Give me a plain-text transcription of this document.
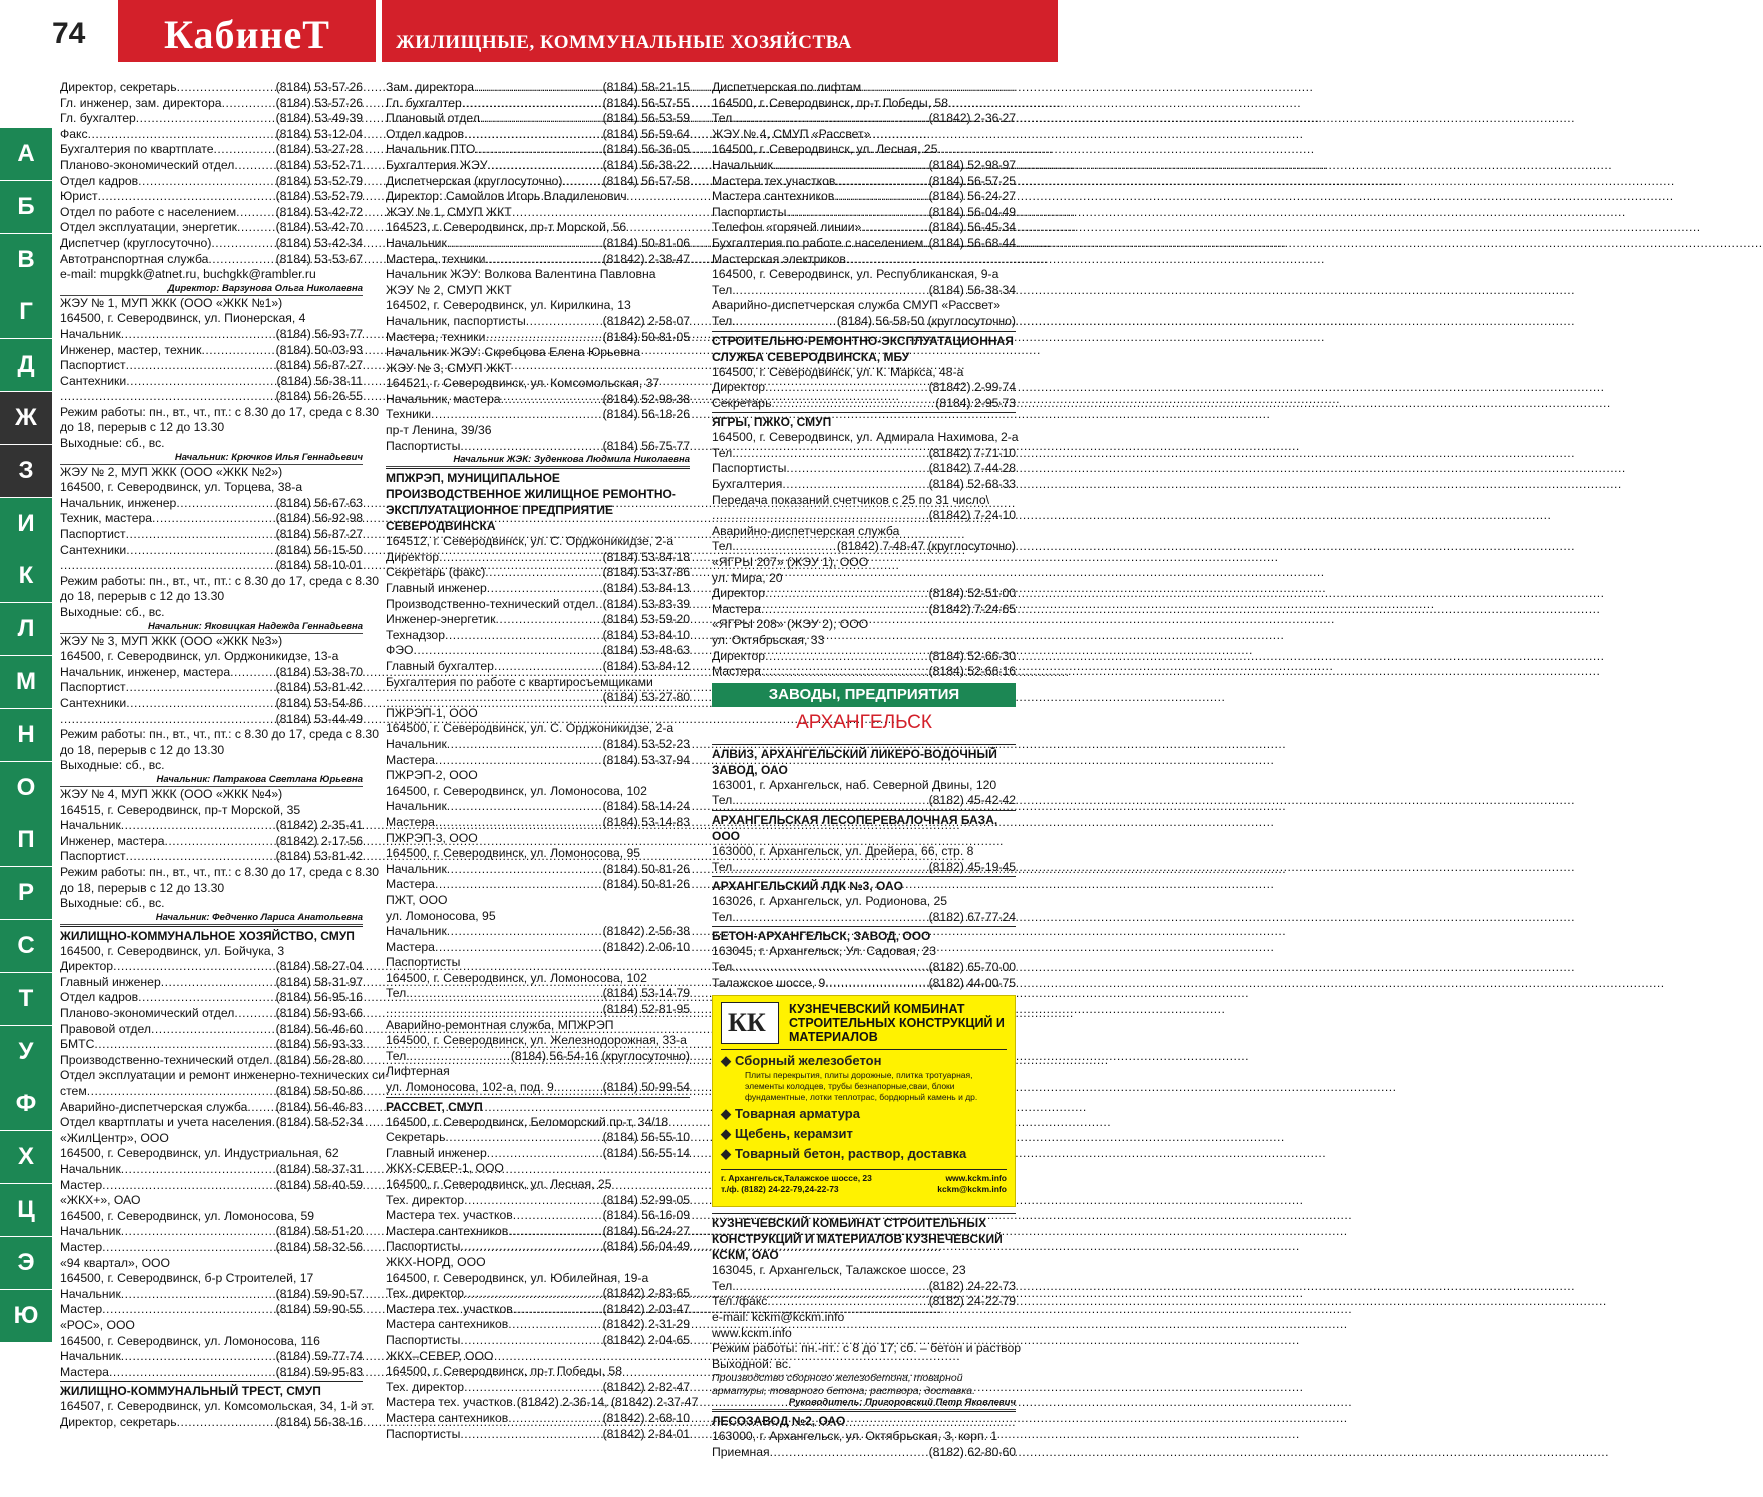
74	КабинеТ	ЖИЛИЩНЫЕ, КОММУНАЛЬНЫЕ ХОЗЯЙСТВА
А
Б
В
Г
Д
Ж
З
И
К
Л
М
Н
О
П
Р
С
Т
У
Ф
Х
Ц
Э
Ю
Директор, секретарь .....	(8184) 53-57-26
Гл. инженер, зам. директора .....	(8184) 53-57-26
Гл. бухгалтер .....	(8184) 53-49-39
Факс .....	(8184) 53-12-04
Бухгалтерия по квартплате .....	(8184) 53-27-28
Планово-экономический отдел .....	(8184) 53-52-71
Отдел кадров .....	(8184) 53-52-79
Юрист .....	(8184) 53-52-79
Отдел по работе с населением .....	(8184) 53-42-72
Отдел эксплуатации, энергетик .....	(8184) 53-42-70
Диспетчер (круглосуточно) .....	(8184) 53-42-34
Автотранспортная служба .....	(8184) 53-53-67
e-mail: mupgkk@atnet.ru, buchgkk@rambler.ru
Директор: Варзунова Ольга Николаевна
ЖЭУ № 1, МУП ЖКК (ООО «ЖКК №1»)
164500, г. Северодвинск, ул. Пионерская, 4
Начальник .....	(8184) 56-93-77
Инженер, мастер, техник .....	(8184) 50-03-93
Паспортист .....	(8184) 56-87-27
Сантехники .....	(8184) 56-38-11
.....
(8184) 56-26-55
Режим работы: пн., вт., чт., пт.: с 8.30 до 17, среда с 8.30
до 18, перерыв с 12 до 13.30
Выходные: сб., вс.
Начальник: Крючков Илья Геннадьевич
ЖЭУ № 2, МУП ЖКК (ООО «ЖКК №2»)
164500, г. Северодвинск, ул. Торцева, 38-а
Начальник, инженер .....	(8184) 56-67-63
Техник, мастера .....	(8184) 56-92-98
Паспортист .....	(8184) 56-87-27
Сантехники .....	(8184) 56-15-50
.....
(8184) 58-10-01
Режим работы: пн., вт., чт., пт.: с 8.30 до 17, среда с 8.30
до 18, перерыв с 12 до 13.30
Выходные: сб., вс.
Начальник: Яковицкая Надежда Геннадьевна
ЖЭУ № 3, МУП ЖКК (ООО «ЖКК №3»)
164500, г. Северодвинск, ул. Орджоникидзе, 13-а
Начальник, инженер, мастера .....	(8184) 53-38-70
Паспортист .....	(8184) 53-81-42
Сантехники .....	(8184) 53-54-86
.....
(8184) 53-44-49
Режим работы: пн., вт., чт., пт.: с 8.30 до 17, среда с 8.30
до 18, перерыв с 12 до 13.30
Выходные: сб., вс.
Начальник: Патракова Светлана Юрьевна
ЖЭУ № 4, МУП ЖКК (ООО «ЖКК №4»)
164515, г. Северодвинск, пр-т Морской, 35
Начальник .....	(81842) 2-35-41
Инженер, мастера .....	(81842) 2-17-56
Паспортист .....	(8184) 53-81-42
Режим работы: пн., вт., чт., пт.: с 8.30 до 17, среда с 8.30
до 18, перерыв с 12 до 13.30
Выходные: сб., вс.
Начальник: Федченко Лариса Анатольевна
ЖИЛИЩНО-КОММУНАЛЬНОЕ ХОЗЯЙСТВО, СМУП
164500, г. Северодвинск, ул. Бойчука, 3
Директор .....	(8184) 58-27-04
Главный инженер .....	(8184) 58-31-97
Отдел кадров .....	(8184) 56-95-16
Планово-экономический отдел .....	(8184) 56-93-66
Правовой отдел .....	(8184) 56-46-60
БМТС .....	(8184) 56-93-33
Производственно-технический отдел ..... (8184) 56-28-80
Отдел эксплуатации и ремонт инженерно-технических си-
стем .....	(8184) 58-50-86
Аварийно-диспетчерская служба ..... (8184) 56-46-83
Отдел квартплаты и учета населения ..... (8184) 58-52-34
«ЖилЦентр», ООО
164500, г. Северодвинск, ул. Индустриальная, 62
Начальник .....	(8184) 58-37-31
Мастер .....	(8184) 58-40-59
«ЖКХ+», ОАО
164500, г. Северодвинск, ул. Ломоносова, 59
Начальник .....	(8184) 58-51-20
Мастер .....	(8184) 58-32-56
«94 квартал», ООО
164500, г. Северодвинск, б-р Строителей, 17
Начальник .....	(8184) 59-90-57
Мастер .....	(8184) 59-90-55
«РОС», ООО
164500, г. Северодвинск, ул. Ломоносова, 116
Начальник .....	(8184) 59-77-74
Мастера .....	(8184) 59-95-83
ЖИЛИЩНО-КОММУНАЛЬНЫЙ ТРЕСТ, СМУП
164507, г. Северодвинск, ул. Комсомольская, 34, 1-й эт.
Директор, секретарь .....	(8184) 56-38-16
Зам. директора .....	(8184) 58-21-15
Гл. бухгалтер .....	(8184) 56-57-55
Плановый отдел .....	(8184) 56-53-59
Отдел кадров .....	(8184) 56-59-64
Начальник ПТО .....	(8184) 56-36-05
Бухгалтерия ЖЭУ .....	(8184) 56-38-22
Диспетчерская (круглосуточно) .....	(8184) 56-57-58
Директор: Самойлов Игорь Владиленович
ЖЭУ № 1, СМУП ЖКТ
164523, г. Северодвинск, пр-т Морской, 56
Начальник .....	(8184) 50-81-06
Мастера, техники .....	(81842) 2-38-47
Начальник ЖЭУ: Волкова Валентина Павловна
ЖЭУ № 2, СМУП ЖКТ
164502, г. Северодвинск, ул. Кирилкина, 13
Начальник, паспортисты .....	(81842) 2-58-07
Мастера, техники .....	(8184) 50-81-05
Начальник ЖЭУ: Скребцова Елена Юрьевна
ЖЭУ № 3, СМУП ЖКТ
164521, г. Северодвинск, ул. Комсомольская, 37
Начальник, мастера .....	(8184) 52-98-38
Техники .....	(8184) 56-18-26
пр-т Ленина, 39/36
Паспортисты .....	(8184) 56-75-77
Начальник ЖЭК: Зуденкова Людмила Николаевна
МПЖРЭП, МУНИЦИПАЛЬНОЕ ПРОИЗВОДСТВЕННОЕ ЖИЛИЩНОЕ РЕМОНТНО-ЭКСПЛУАТАЦИОННОЕ ПРЕДПРИЯТИЕ СЕВЕРОДВИНСКА
164512, г. Северодвинск, ул. С. Орджоникидзе, 2-а
Директор .....	(8184) 53-84-18
Секретарь (факс) .....	(8184) 53-37-86
Главный инженер .....	(8184) 53-84-13
Производственно-технический отдел ..... (8184) 53-83-39
Инженер-энергетик .....	(8184) 53-59-20
Технадзор .....	(8184) 53-84-10
ФЭО .....	(8184) 53-48-63
Главный бухгалтер .....	(8184) 53-84-12
Бухгалтерия по работе с квартиросъемщиками
.....
(8184) 53-27-80
ПЖРЭП-1, ООО
164500, г. Северодвинск, ул. С. Орджоникидзе, 2-а
Начальник .....	(8184) 53-52-23
Мастера .....	(8184) 53-37-94
ПЖРЭП-2, ООО
164500, г. Северодвинск, ул. Ломоносова, 102
Начальник .....	(8184) 58-14-24
Мастера .....	(8184) 53-14-83
ПЖРЭП-3, ООО
164500, г. Северодвинск, ул. Ломоносова, 95
Начальник .....	(8184) 50-81-26
Мастера .....	(8184) 50-81-26
ПЖТ, ООО
ул. Ломоносова, 95
Начальник .....	(81842) 2-56-38
Мастера .....	(81842) 2-06-10
Паспортисты
164500, г. Северодвинск, ул. Ломоносова, 102
Тел. .....	(8184) 53-14-79
.....
(8184) 52-81-95
Аварийно-ремонтная служба, МПЖРЭП
164500, г. Северодвинск, ул. Железнодорожная, 33-а
Тел. .....	(8184) 56-54-16 (круглосуточно)
Лифтерная
ул. Ломоносова, 102-а, под. 9. .....	(8184) 50-99-54
РАССВЕТ, СМУП
164500, г. Северодвинск, Беломорский пр-т, 34/18
Секретарь .....	(8184) 56-55-10
Главный инженер .....	(8184) 56-55-14
ЖКХ-СЕВЕР-1, ООО
164500, г. Северодвинск, ул. Лесная, 25
Тех. директор .....	(8184) 52-99-05
Мастера тех. участков .....	(8184) 56-16-09
Мастера сантехников .....	(8184) 56-24-27
Паспортисты .....	(8184) 56-04-49
ЖКХ-НОРД, ООО
164500, г. Северодвинск, ул. Юбилейная, 19-а
Тех. директор .....	(81842) 2-83-65
Мастера тех. участков .....	(81842) 2-03-47
Мастера сантехников .....	(81842) 2-31-29
Паспортисты .....	(81842) 2-04-65
ЖКХ–СЕВЕР, ООО
164500, г. Северодвинск, пр-т Победы, 58
Тех. директор .....	(81842) 2-82-47
Мастера тех. участков ..... (81842) 2-36-14, (81842) 2-37-47
Мастера сантехников .....	(81842) 2-68-10
Паспортисты .....	(81842) 2-84-01
Диспетчерская по лифтам
164500, г. Северодвинск, пр-т Победы, 58
Тел. .....	(81842) 2-36-27
ЖЭУ № 4, СМУП «Рассвет»
164500, г. Северодвинск, ул. Лесная, 25
Начальник .....	(8184) 52-98-97
Мастера тех.участков .....	(8184) 56-57-25
Мастера сантехников .....	(8184) 56-24-27
Паспортисты .....	(8184) 56-04-49
Телефон «горячей линии» .....	(8184) 56-45-34
Бухгалтерия по работе с населением ..... (8184) 56-68-44
Мастерская электриков
164500, г. Северодвинск, ул. Республиканская, 9-а
Тел. .....	(8184) 56-38-34
Аварийно-диспетчерская служба СМУП «Рассвет»
Тел. .....	(8184) 56-58-50 (круглосуточно)
СТРОИТЕЛЬНО-РЕМОНТНО-ЭКСПЛУАТАЦИОННАЯ СЛУЖБА СЕВЕРОДВИНСКА, МБУ
164500, г. Северодвинск, ул. К. Маркса, 48-а
Директор .....	(81842) 2-99-74
Секретарь .....	(8184) 2-95-73
ЯГРЫ, ПЖКО, СМУП
164500, г. Северодвинск, ул. Адмирала Нахимова, 2-а
Тел. .....	(81842) 7-71-10
Паспортисты .....	(81842) 7-44-28
Бухгалтерия .....	(8184) 52-68-33
Передача показаний счетчиков с 25 по 31 число\
.....
(81842) 7-24-10
Аварийно-диспетчерская служба
Тел. .....	(81842) 7-48-47 (круглосуточно)
«ЯГРЫ 207» (ЖЭУ 1), ООО
ул. Мира, 20
Директор .....	(8184) 52-51-00
Мастера .....	(81842) 7-24-65
«ЯГРЫ 208» (ЖЭУ 2), ООО
ул. Октябрьская, 33
Директор .....	(8184) 52-66-30
Мастера .....	(8184) 52-66-16
ЗАВОДЫ, ПРЕДПРИЯТИЯ
АРХАНГЕЛЬСК
АЛВИЗ, АРХАНГЕЛЬСКИЙ ЛИКЕРО-ВОДОЧНЫЙ ЗАВОД, ОАО
163001, г. Архангельск, наб. Северной Двины, 120
Тел. .....	(8182) 45-42-42
АРХАНГЕЛЬСКАЯ ЛЕСОПЕРЕВАЛОЧНАЯ БАЗА, ООО
163000, г. Архангельск, ул. Дрейера, 66, стр. 8
Тел. .....	(8182) 45-19-45
АРХАНГЕЛЬСКИЙ ЛДК №3, ОАО
163026, г. Архангельск, ул. Родионова, 25
Тел. .....	(8182) 67-77-24
БЕТОН-АРХАНГЕЛЬСК, ЗАВОД, ООО
163045, г. Архангельск, Ул. Садовая, 23
Тел. .....	(8182) 65-70-00
Талажское шоссе, 9 .....	(8182) 44-00-75
КК КУЗНЕЧЕВСКИЙ КОМБИНАТ СТРОИТЕЛЬНЫХ КОНСТРУКЦИЙ И МАТЕРИАЛОВ
◆ Сборный железобетон
Плиты перекрытия, плиты дорожные, плитка тротуарная, элементы колодцев, трубы безнапорные,сваи, блоки фундаментные, лотки теплотрас, бордюрный камень и др.
◆ Товарная арматура
◆ Щебень, керамзит
◆ Товарный бетон, раствор, доставка
г. Архангельск,Талажское шоссе, 23
т./ф. (8182) 24-22-79,24-22-73
www.kckm.info
kckm@kckm.info
КУЗНЕЧЕВСКИЙ КОМБИНАТ СТРОИТЕЛЬНЫХ КОНСТРУКЦИЙ И МАТЕРИАЛОВ КУЗНЕЧЕВСКИЙ КСКМ, ОАО
163045, г. Архангельск, Талажское шоссе, 23
Тел. .....	(8182) 24-22-73
Тел./факс .....	(8182) 24-22-79
e-mail: kckm@kckm.info
www.kcкm.info
Режим работы: пн.-пт.: с 8 до 17; сб. – бетон и раствор
Выходной: вс.
Производство сборного железобетона, товарной арматуры, товарного бетона, раствора, доставка.
Руководитель: Пригоровский Петр Яковлевич
ЛЕСОЗАВОД №2, ОАО
163000, г. Архангельск, ул. Октябрьская, 3, корп. 1
Приемная .....	(8182) 62-80-60
